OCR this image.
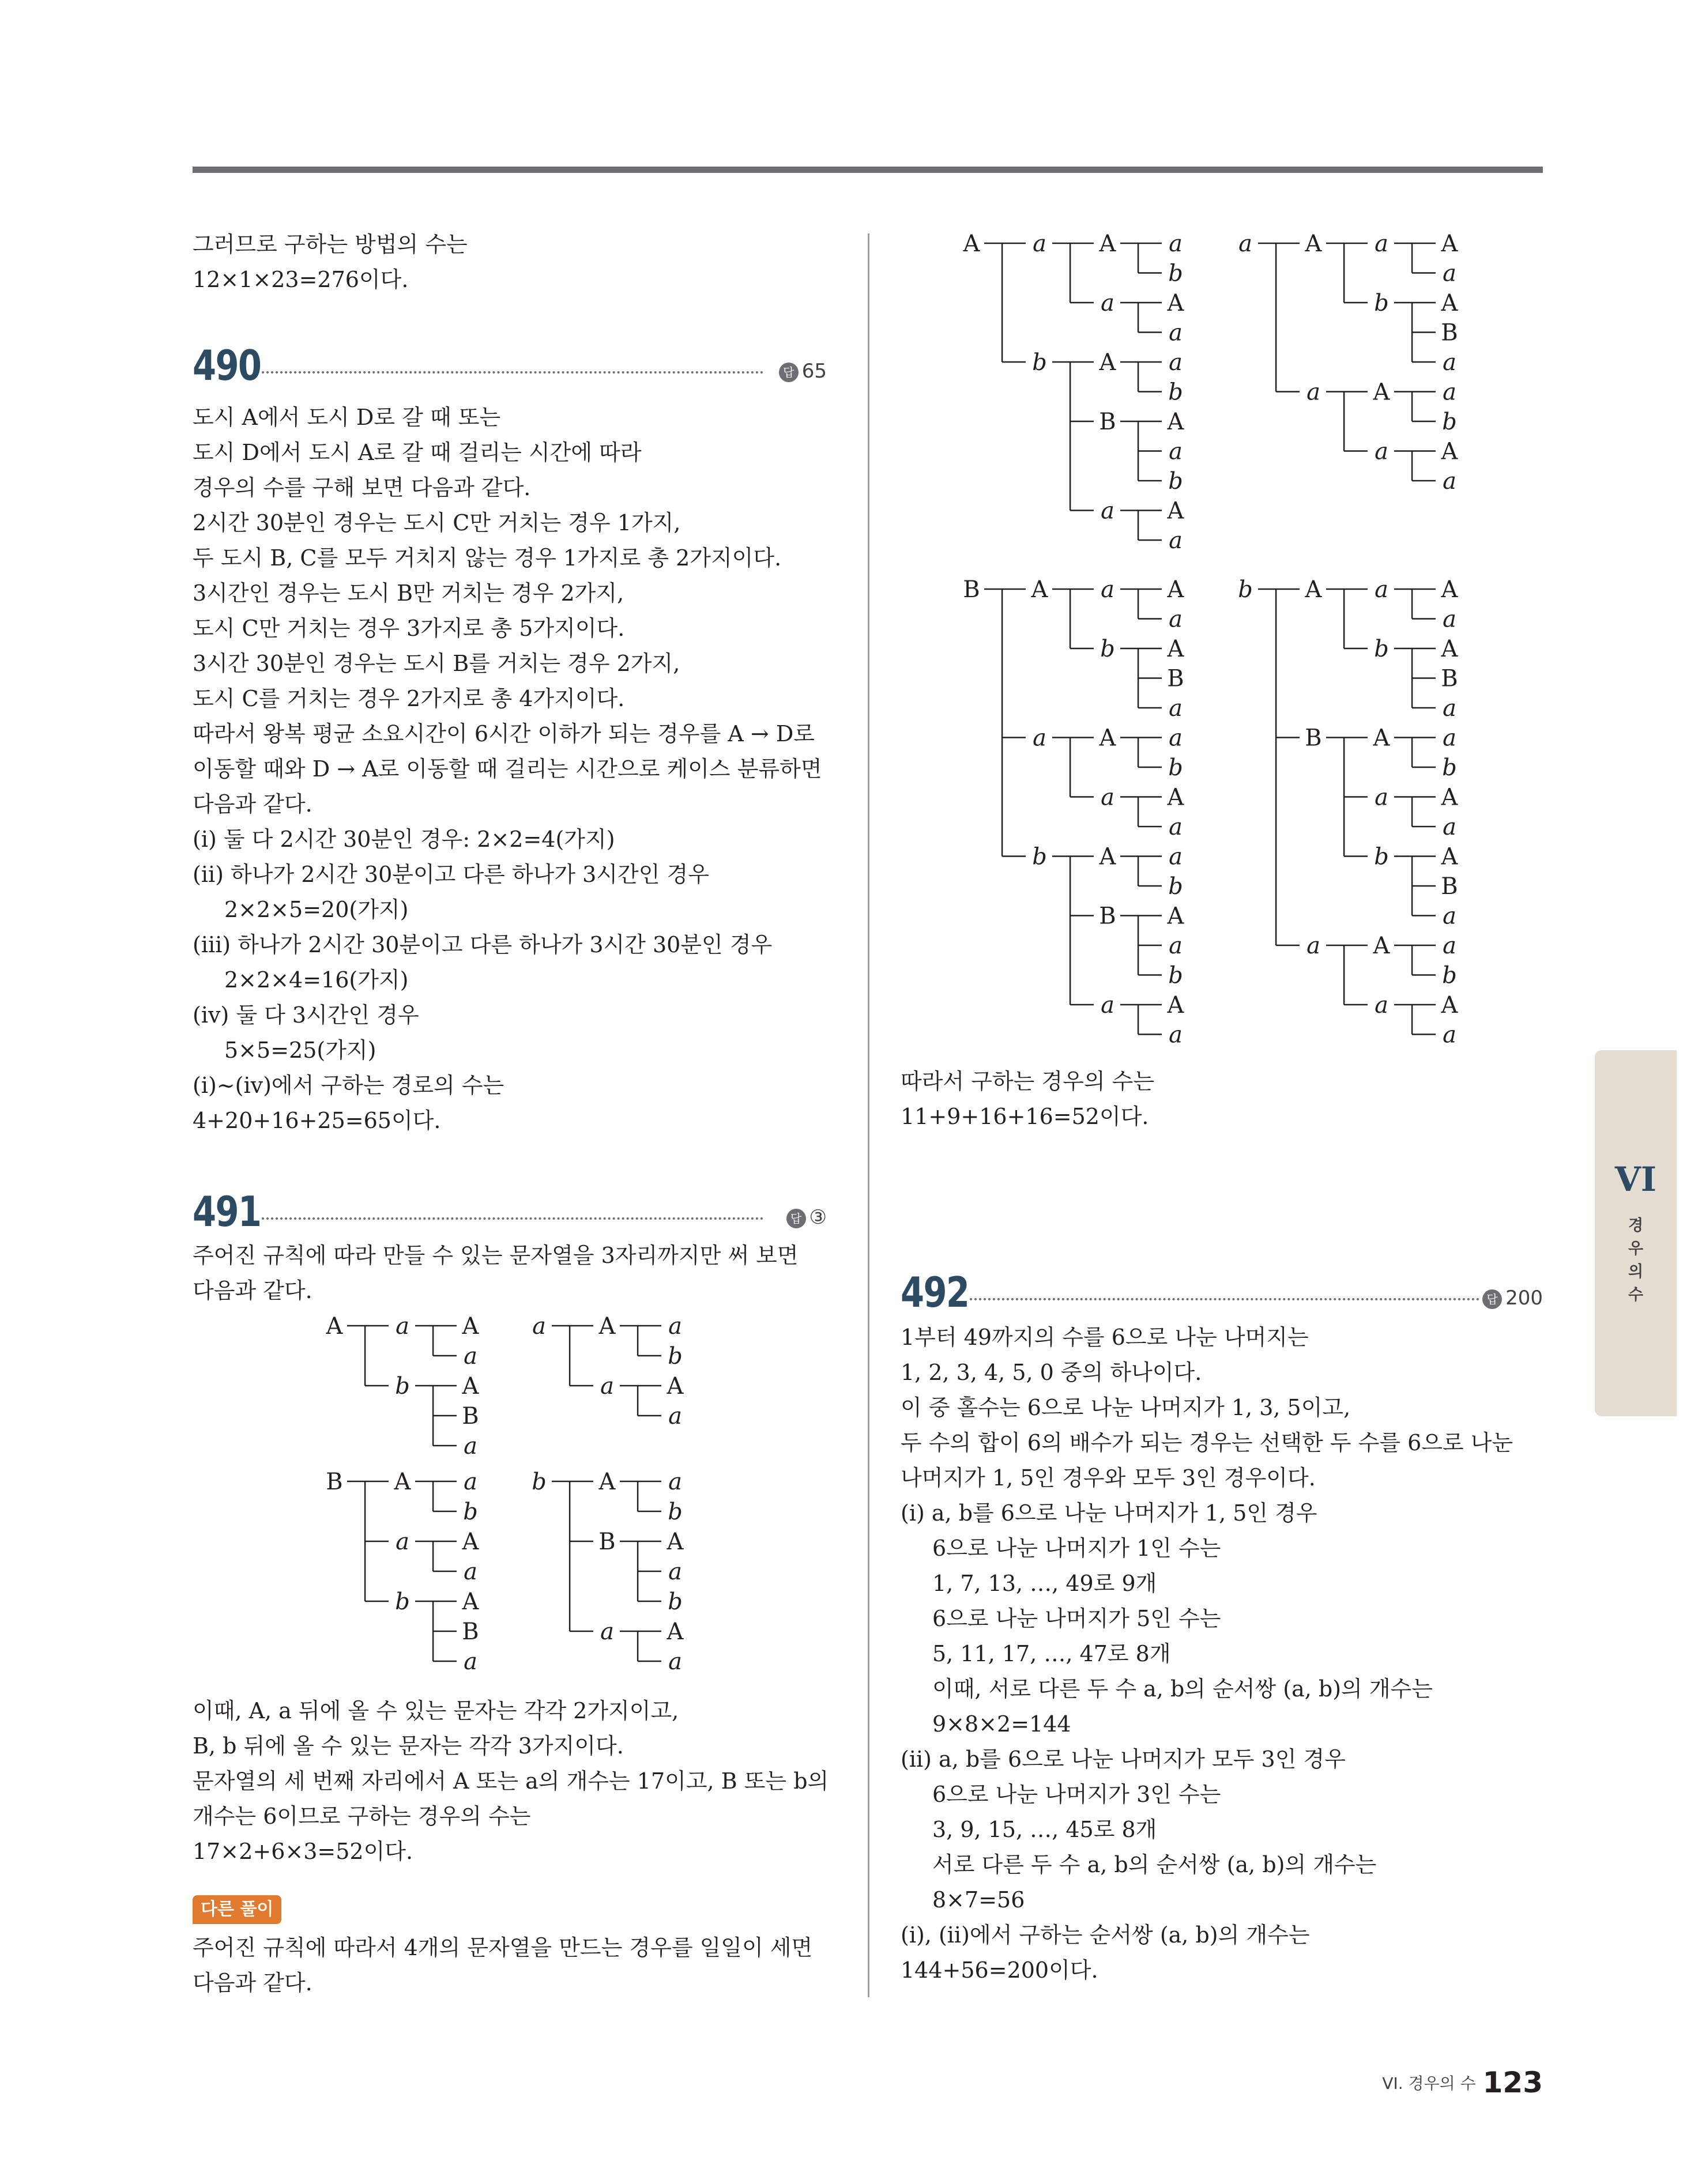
그러므로 구하는 방법의 수는
12×1×23=276이다.
490	답 65
도시 A에서 도시 D로 갈 때 또는
도시 D에서 도시 A로 갈 때 걸리는 시간에 따라
경우의 수를 구해 보면 다음과 같다.
2시간 30분인 경우는 도시 C만 거치는 경우 1가지,
두 도시 B, C를 모두 거치지 않는 경우 1가지로 총 2가지이다.
3시간인 경우는 도시 B만 거치는 경우 2가지,
도시 C만 거치는 경우 3가지로 총 5가지이다.
3시간 30분인 경우는 도시 B를 거치는 경우 2가지,
도시 C를 거치는 경우 2가지로 총 4가지이다.
따라서 왕복 평균 소요시간이 6시간 이하가 되는 경우를 A → D로
이동할 때와 D → A로 이동할 때 걸리는 시간으로 케이스 분류하면
다음과 같다.
(ⅰ) 둘 다 2시간 30분인 경우: 2×2=4(가지)
(ⅱ) 하나가 2시간 30분이고 다른 하나가 3시간인 경우
2×2×5=20(가지)
(ⅲ) 하나가 2시간 30분이고 다른 하나가 3시간 30분인 경우
2×2×4=16(가지)
(ⅳ) 둘 다 3시간인 경우
5×5=25(가지)
(ⅰ)~(ⅳ)에서 구하는 경로의 수는
4+20+16+25=65이다.
491	답 ③
주어진 규칙에 따라 만들 수 있는 문자열을 3자리까지만 써 보면
다음과 같다.
A a A
a
b A
B
a
a A a
b
a A
a
B A a
b
a A
a
b A
B
a
b A a
b
B A
a
b
a A
a
이때, A, a 뒤에 올 수 있는 문자는 각각 2가지이고,
B, b 뒤에 올 수 있는 문자는 각각 3가지이다.
문자열의 세 번째 자리에서 A 또는 a의 개수는 17이고, B 또는 b의
개수는 6이므로 구하는 경우의 수는
17×2+6×3=52이다.
다른 풀이
주어진 규칙에 따라서 4개의 문자열을 만드는 경우를 일일이 세면
다음과 같다.
A a A a
b
a A
a
b A a
b
B A
a
b
a A
a
a A a A
a
b A
B
a
a A a
b
a A
a
B A a A
a
b A
B
a
a A a
b
a A
a
b A a
b
B A
a
b
a A
a
b A a A
a
b A
B
a
B A a
b
a A
a
b A
B
a
a A a
b
a A
a
따라서 구하는 경우의 수는
11+9+16+16=52이다.
492	답 200
1부터 49까지의 수를 6으로 나눈 나머지는
1, 2, 3, 4, 5, 0 중의 하나이다.
이 중 홀수는 6으로 나눈 나머지가 1, 3, 5이고,
두 수의 합이 6의 배수가 되는 경우는 선택한 두 수를 6으로 나눈
나머지가 1, 5인 경우와 모두 3인 경우이다.
(ⅰ) a, b를 6으로 나눈 나머지가 1, 5인 경우
6으로 나눈 나머지가 1인 수는
1, 7, 13, …, 49로 9개
6으로 나눈 나머지가 5인 수는
5, 11, 17, …, 47로 8개
이때, 서로 다른 두 수 a, b의 순서쌍 (a, b)의 개수는
9×8×2=144
(ⅱ) a, b를 6으로 나눈 나머지가 모두 3인 경우
6으로 나눈 나머지가 3인 수는
3, 9, 15, …, 45로 8개
서로 다른 두 수 a, b의 순서쌍 (a, b)의 개수는
8×7=56
(ⅰ), (ⅱ)에서 구하는 순서쌍 (a, b)의 개수는
144+56=200이다.
VI
경
우
의
수
VI. 경우의 수 123
